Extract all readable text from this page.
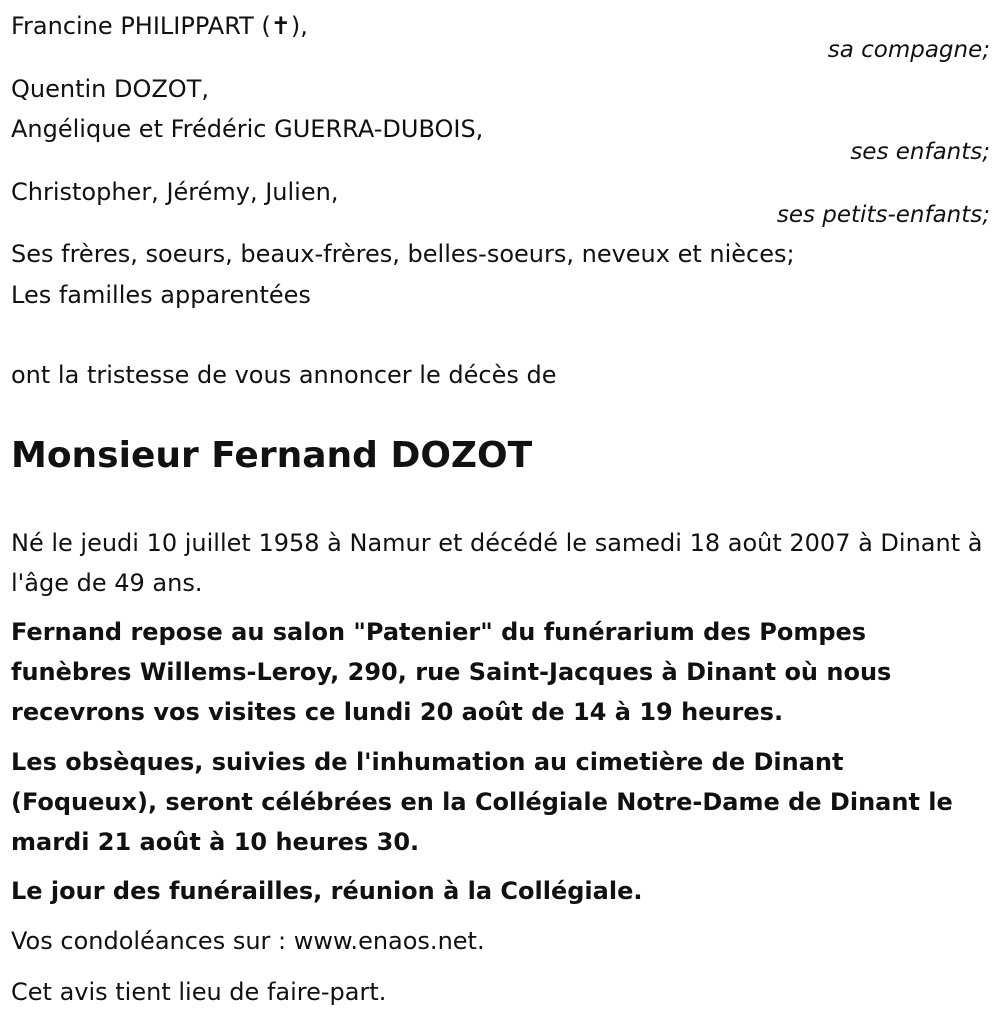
Francine PHILIPPART (✝),
sa compagne;
Quentin DOZOT,
Angélique et Frédéric GUERRA-DUBOIS,
ses enfants;
Christopher, Jérémy, Julien,
ses petits-enfants;
Ses frères, soeurs, beaux-frères, belles-soeurs, neveux et nièces;
Les familles apparentées
ont la tristesse de vous annoncer le décès de
Monsieur Fernand DOZOT
Né le jeudi 10 juillet 1958 à Namur et décédé le samedi 18 août 2007 à Dinant à l'âge de 49 ans.
Fernand repose au salon "Patenier" du funérarium des Pompes funèbres Willems-Leroy, 290, rue Saint-Jacques à Dinant où nous recevrons vos visites ce lundi 20 août de 14 à 19 heures.
Les obsèques, suivies de l'inhumation au cimetière de Dinant (Foqueux), seront célébrées en la Collégiale Notre-Dame de Dinant le mardi 21 août à 10 heures 30.
Le jour des funérailles, réunion à la Collégiale.
Vos condoléances sur : www.enaos.net.
Cet avis tient lieu de faire-part.
